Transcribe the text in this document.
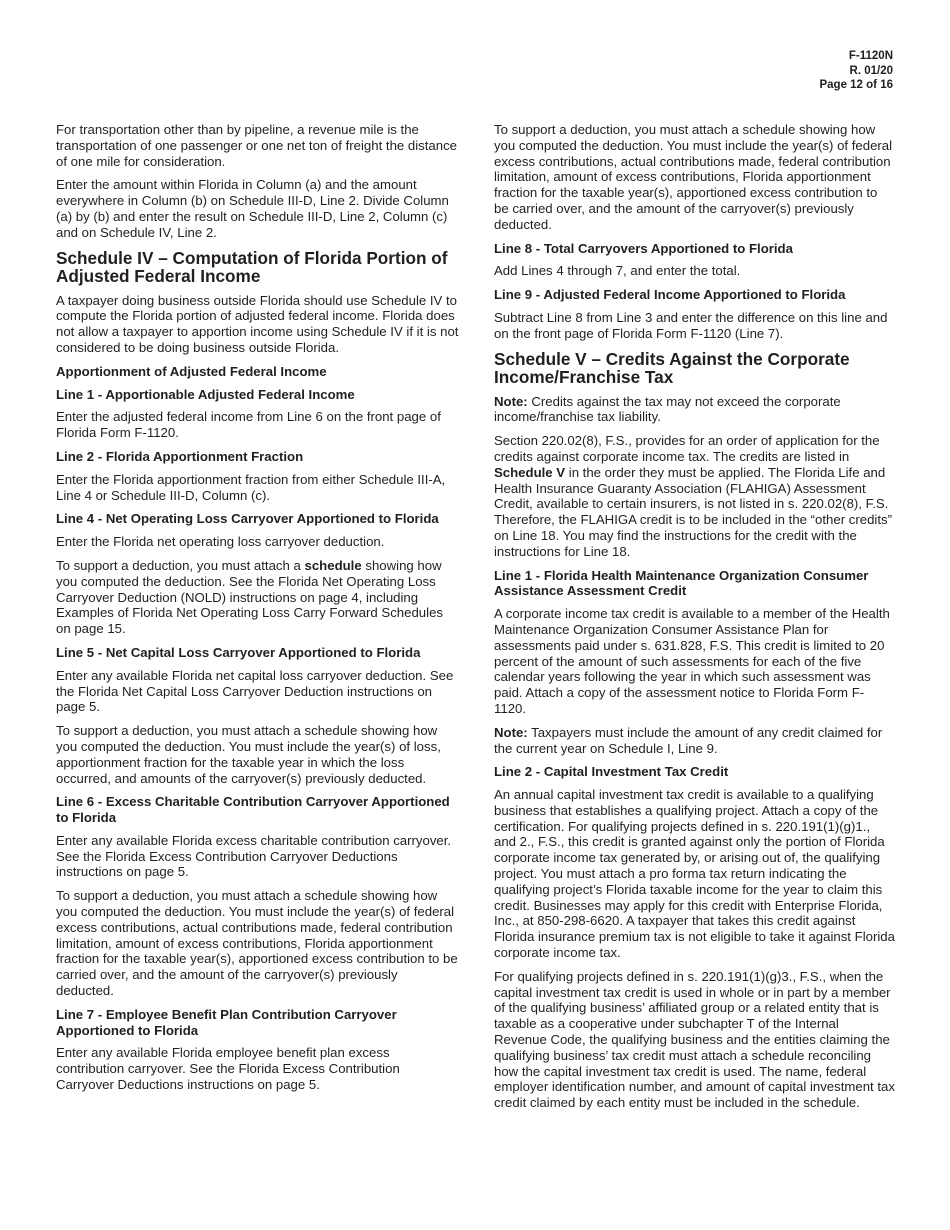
F-1120N
R. 01/20
Page 12 of 16

For transportation other than by pipeline, a revenue mile is the transportation of one passenger or one net ton of freight the distance of one mile for consideration.

Enter the amount within Florida in Column (a) and the amount everywhere in Column (b) on Schedule III-D, Line 2. Divide Column (a) by (b) and enter the result on Schedule III-D, Line 2, Column (c) and on Schedule IV, Line 2.

Schedule IV – Computation of Florida Portion of Adjusted Federal Income

A taxpayer doing business outside Florida should use Schedule IV to compute the Florida portion of adjusted federal income. Florida does not allow a taxpayer to apportion income using Schedule IV if it is not considered to be doing business outside Florida.

Apportionment of Adjusted Federal Income
Line 1 - Apportionable Adjusted Federal Income

Enter the adjusted federal income from Line 6 on the front page of Florida Form F-1120.

Line 2 - Florida Apportionment Fraction

Enter the Florida apportionment fraction from either Schedule III-A, Line 4 or Schedule III-D, Column (c).

Line 4 - Net Operating Loss Carryover Apportioned to Florida

Enter the Florida net operating loss carryover deduction.

To support a deduction, you must attach a schedule showing how you computed the deduction. See the Florida Net Operating Loss Carryover Deduction (NOLD) instructions on page 4, including Examples of Florida Net Operating Loss Carry Forward Schedules on page 15.

Line 5 - Net Capital Loss Carryover Apportioned to Florida

Enter any available Florida net capital loss carryover deduction. See the Florida Net Capital Loss Carryover Deduction instructions on page 5.

To support a deduction, you must attach a schedule showing how you computed the deduction. You must include the year(s) of loss, apportionment fraction for the taxable year in which the loss occurred, and amounts of the carryover(s) previously deducted.

Line 6 - Excess Charitable Contribution Carryover Apportioned to Florida

Enter any available Florida excess charitable contribution carryover. See the Florida Excess Contribution Carryover Deductions instructions on page 5.

To support a deduction, you must attach a schedule showing how you computed the deduction. You must include the year(s) of federal excess contributions, actual contributions made, federal contribution limitation, amount of excess contributions, Florida apportionment fraction for the taxable year(s), apportioned excess contribution to be carried over, and the amount of the carryover(s) previously deducted.

Line 7 - Employee Benefit Plan Contribution Carryover Apportioned to Florida

Enter any available Florida employee benefit plan excess contribution carryover. See the Florida Excess Contribution Carryover Deductions instructions on page 5.

To support a deduction, you must attach a schedule showing how you computed the deduction. You must include the year(s) of federal excess contributions, actual contributions made, federal contribution limitation, amount of excess contributions, Florida apportionment fraction for the taxable year(s), apportioned excess contribution to be carried over, and the amount of the carryover(s) previously deducted.

Line 8 - Total Carryovers Apportioned to Florida

Add Lines 4 through 7, and enter the total.

Line 9 - Adjusted Federal Income Apportioned to Florida

Subtract Line 8 from Line 3 and enter the difference on this line and on the front page of Florida Form F-1120 (Line 7).

Schedule V – Credits Against the Corporate Income/Franchise Tax

Note: Credits against the tax may not exceed the corporate income/franchise tax liability.

Section 220.02(8), F.S., provides for an order of application for the credits against corporate income tax. The credits are listed in Schedule V in the order they must be applied. The Florida Life and Health Insurance Guaranty Association (FLAHIGA) Assessment Credit, available to certain insurers, is not listed in s. 220.02(8), F.S. Therefore, the FLAHIGA credit is to be included in the “other credits” on Line 18. You may find the instructions for the credit with the instructions for Line 18.

Line 1 - Florida Health Maintenance Organization Consumer Assistance Assessment Credit

A corporate income tax credit is available to a member of the Health Maintenance Organization Consumer Assistance Plan for assessments paid under s. 631.828, F.S. This credit is limited to 20 percent of the amount of such assessments for each of the five calendar years following the year in which such assessment was paid. Attach a copy of the assessment notice to Florida Form F-1120.

Note: Taxpayers must include the amount of any credit claimed for the current year on Schedule I, Line 9.

Line 2 - Capital Investment Tax Credit

An annual capital investment tax credit is available to a qualifying business that establishes a qualifying project. Attach a copy of the certification. For qualifying projects defined in s. 220.191(1)(g)1., and 2., F.S., this credit is granted against only the portion of Florida corporate income tax generated by, or arising out of, the qualifying project. You must attach a pro forma tax return indicating the qualifying project’s Florida taxable income for the year to claim this credit. Businesses may apply for this credit with Enterprise Florida, Inc., at 850-298-6620. A taxpayer that takes this credit against Florida insurance premium tax is not eligible to take it against Florida corporate income tax.

For qualifying projects defined in s. 220.191(1)(g)3., F.S., when the capital investment tax credit is used in whole or in part by a member of the qualifying business’ affiliated group or a related entity that is taxable as a cooperative under subchapter T of the Internal Revenue Code, the qualifying business and the entities claiming the qualifying business’ tax credit must attach a schedule reconciling how the capital investment tax credit is used. The name, federal employer identification number, and amount of capital investment tax credit claimed by each entity must be included in the schedule.
